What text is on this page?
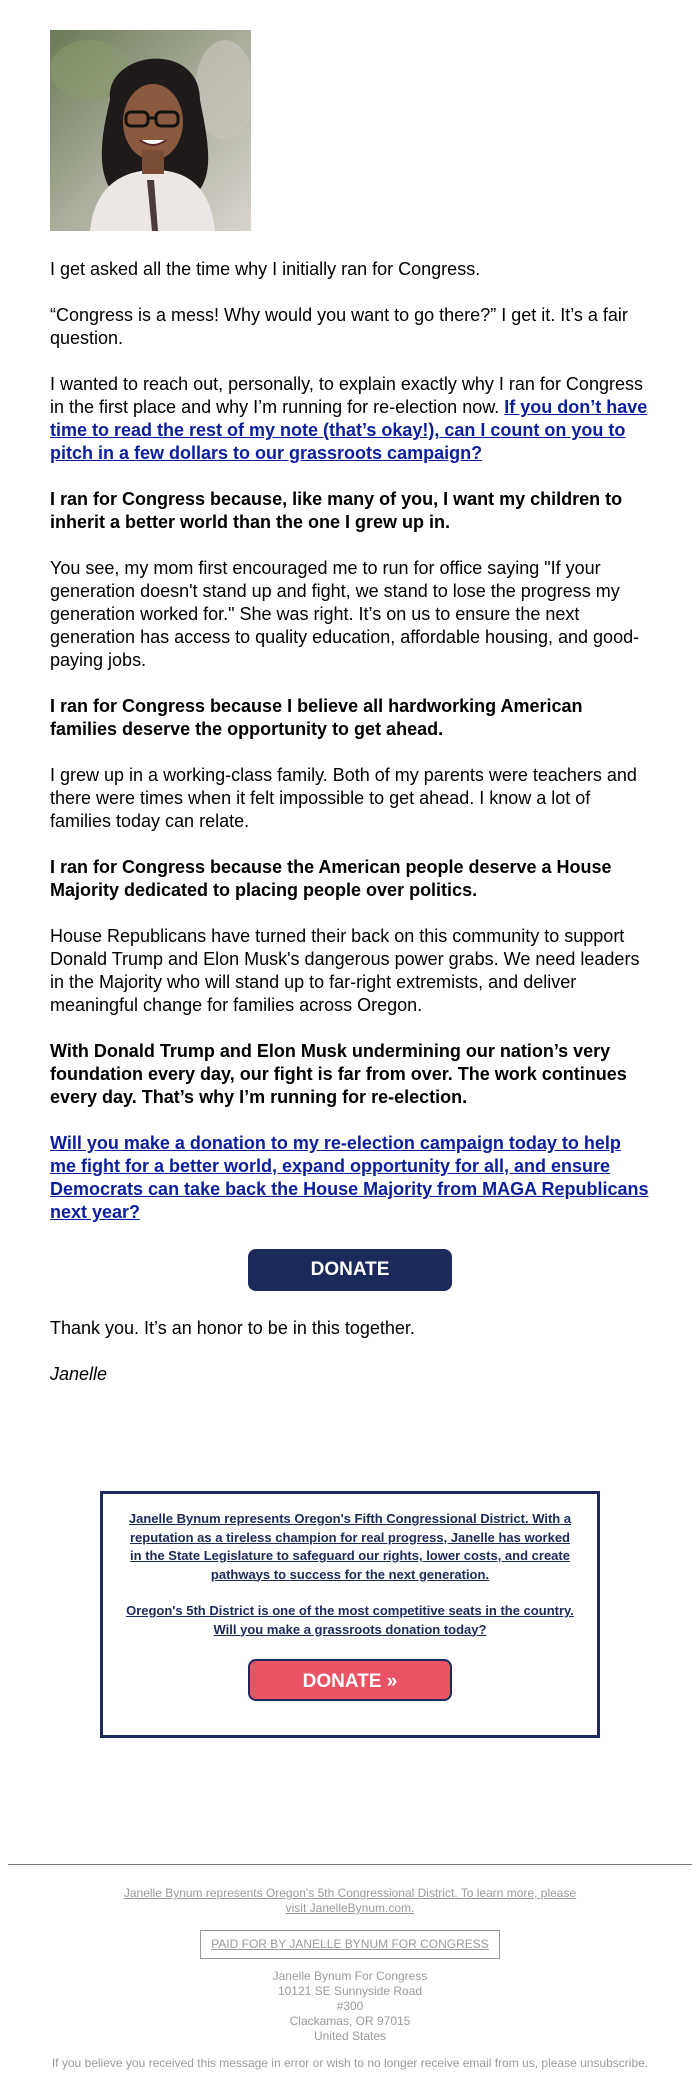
I get asked all the time why I initially ran for Congress.

“Congress is a mess! Why would you want to go there?” I get it. It’s a fair question.

I wanted to reach out, personally, to explain exactly why I ran for Congress in the first place and why I’m running for re-election now. If you don’t have time to read the rest of my note (that’s okay!), can I count on you to pitch in a few dollars to our grassroots campaign?

I ran for Congress because, like many of you, I want my children to inherit a better world than the one I grew up in.

You see, my mom first encouraged me to run for office saying "If your generation doesn't stand up and fight, we stand to lose the progress my generation worked for." She was right. It’s on us to ensure the next generation has access to quality education, affordable housing, and good-paying jobs.

I ran for Congress because I believe all hardworking American families deserve the opportunity to get ahead.

I grew up in a working-class family. Both of my parents were teachers and there were times when it felt impossible to get ahead. I know a lot of families today can relate.

I ran for Congress because the American people deserve a House Majority dedicated to placing people over politics.

House Republicans have turned their back on this community to support Donald Trump and Elon Musk's dangerous power grabs. We need leaders in the Majority who will stand up to far-right extremists, and deliver meaningful change for families across Oregon.

With Donald Trump and Elon Musk undermining our nation’s very foundation every day, our fight is far from over. The work continues every day. That’s why I’m running for re-election.

Will you make a donation to my re-election campaign today to help me fight for a better world, expand opportunity for all, and ensure Democrats can take back the House Majority from MAGA Republicans next year?

DONATE

Thank you. It’s an honor to be in this together.

Janelle

Janelle Bynum represents Oregon's Fifth Congressional District. With a reputation as a tireless champion for real progress, Janelle has worked in the State Legislature to safeguard our rights, lower costs, and create pathways to success for the next generation.

Oregon's 5th District is one of the most competitive seats in the country. Will you make a grassroots donation today?

DONATE »
Janelle Bynum represents Oregon's 5th Congressional District. To learn more, please visit JanelleBynum.com.
PAID FOR BY JANELLE BYNUM FOR CONGRESS
Janelle Bynum For Congress
10121 SE Sunnyside Road
#300
Clackamas, OR 97015
United States
If you believe you received this message in error or wish to no longer receive email from us, please unsubscribe.
